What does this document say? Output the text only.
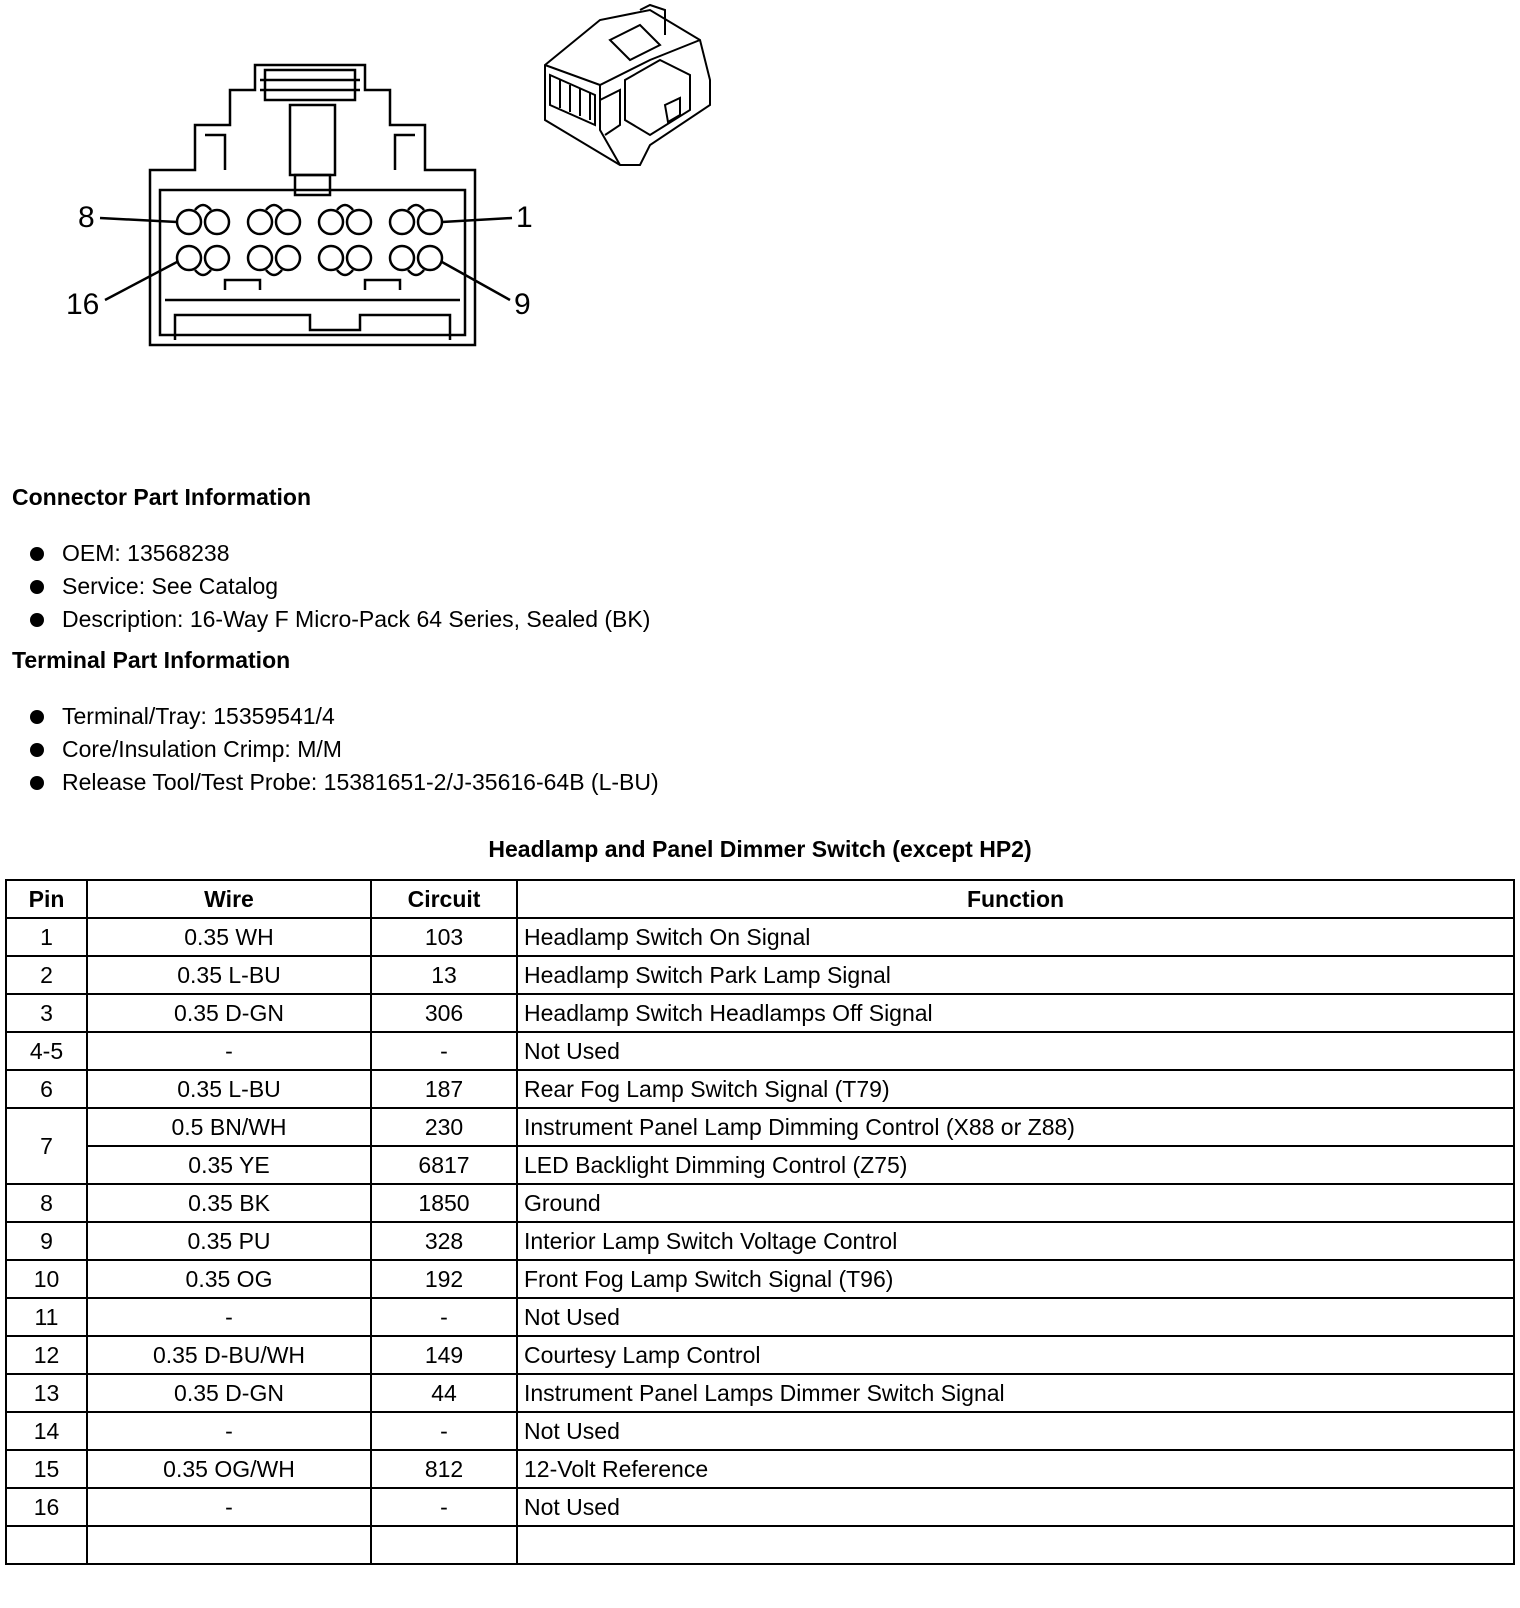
8	1
16	9
Connector Part Information
OEM: 13568238
Service: See Catalog
Description: 16-Way F Micro-Pack 64 Series, Sealed (BK)
Terminal Part Information
Terminal/Tray: 15359541/4
Core/Insulation Crimp: M/M
Release Tool/Test Probe: 15381651-2/J-35616-64B (L-BU)
Headlamp and Panel Dimmer Switch (except HP2)
Pin	Wire	Circuit	Function
1	0.35 WH	103	Headlamp Switch On Signal
2	0.35 L-BU	13	Headlamp Switch Park Lamp Signal
3	0.35 D-GN	306	Headlamp Switch Headlamps Off Signal
4-5	-	-	Not Used
6	0.35 L-BU	187	Rear Fog Lamp Switch Signal (T79)
7	0.5 BN/WH	230	Instrument Panel Lamp Dimming Control (X88 or Z88)
	0.35 YE	6817	LED Backlight Dimming Control (Z75)
8	0.35 BK	1850	Ground
9	0.35 PU	328	Interior Lamp Switch Voltage Control
10	0.35 OG	192	Front Fog Lamp Switch Signal (T96)
11	-	-	Not Used
12	0.35 D-BU/WH	149	Courtesy Lamp Control
13	0.35 D-GN	44	Instrument Panel Lamps Dimmer Switch Signal
14	-	-	Not Used
15	0.35 OG/WH	812	12-Volt Reference
16	-	-	Not Used
